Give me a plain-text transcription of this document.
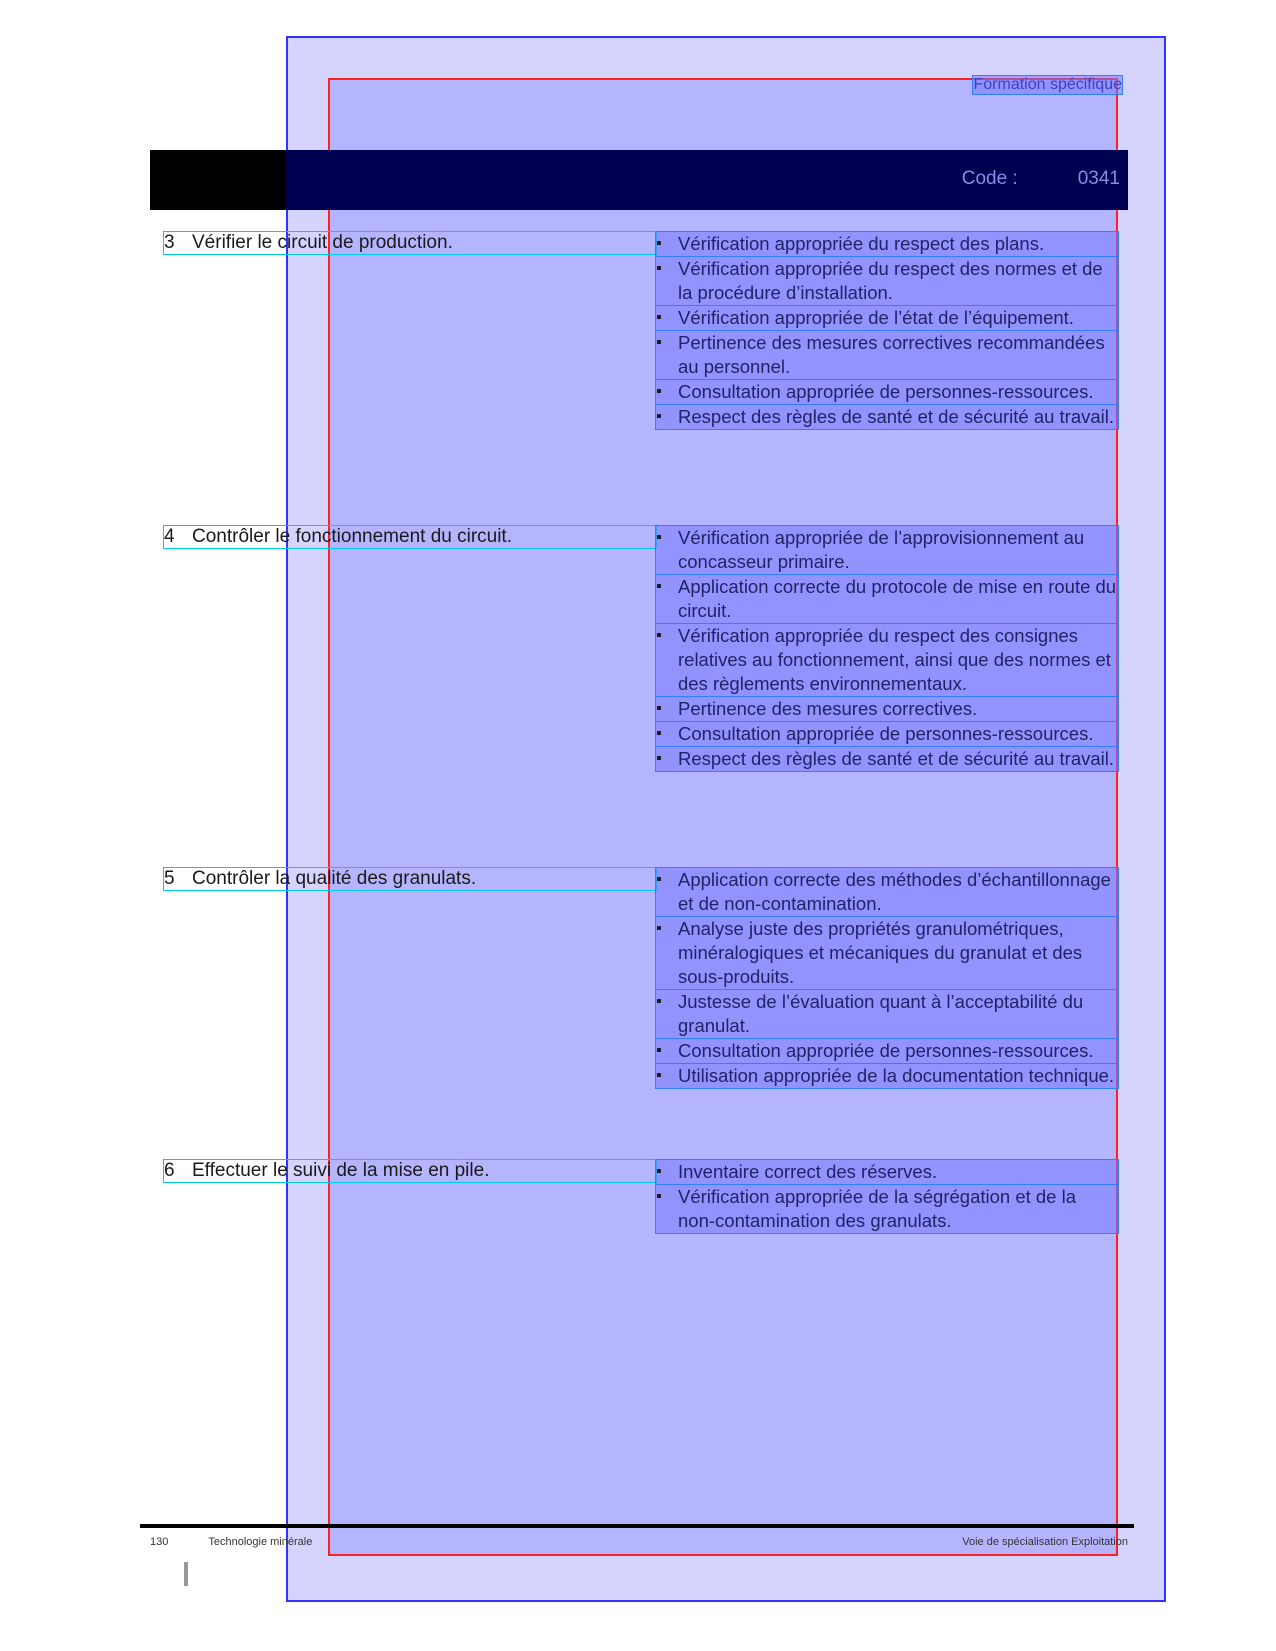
Formation spécifique
Code :	0341
3 Vérifier le circuit de production.	▪ Vérification appropriée du respect des plans.
▪ Vérification appropriée du respect des normes et de la procédure d’installation.
▪ Vérification appropriée de l’état de l’équipement.
▪ Pertinence des mesures correctives recommandées au personnel.
▪ Consultation appropriée de personnes-ressources.
▪ Respect des règles de santé et de sécurité au travail.
4 Contrôler le fonctionnement du circuit.	▪ Vérification appropriée de l’approvisionnement au concasseur primaire.
▪ Application correcte du protocole de mise en route du circuit.
▪ Vérification appropriée du respect des consignes relatives au fonctionnement, ainsi que des normes et des règlements environnementaux.
▪ Pertinence des mesures correctives.
▪ Consultation appropriée de personnes-ressources.
▪ Respect des règles de santé et de sécurité au travail.
5 Contrôler la qualité des granulats.	▪ Application correcte des méthodes d’échantillonnage et de non-contamination.
▪ Analyse juste des propriétés granulométriques, minéralogiques et mécaniques du granulat et des sous-produits.
▪ Justesse de l’évaluation quant à l’acceptabilité du granulat.
▪ Consultation appropriée de personnes-ressources.
▪ Utilisation appropriée de la documentation technique.
6 Effectuer le suivi de la mise en pile.	▪ Inventaire correct des réserves.
▪ Vérification appropriée de la ségrégation et de la non-contamination des granulats.
130	Technologie minérale	Voie de spécialisation Exploitation
